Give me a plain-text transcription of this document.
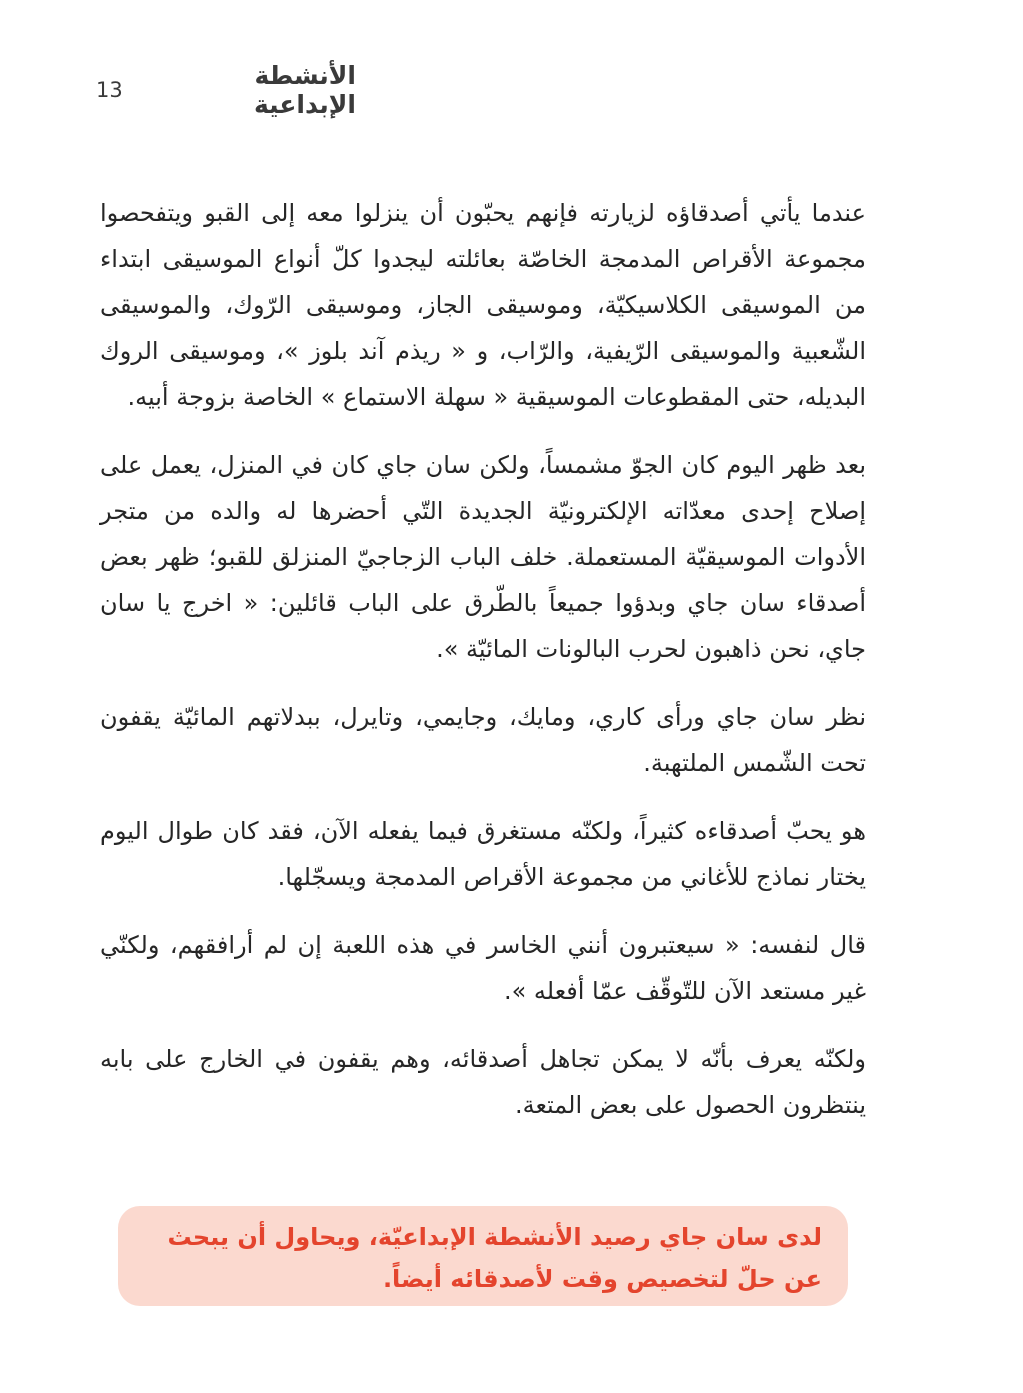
13	الأنشطة الإبداعية

عندما يأتي أصدقاؤه لزيارته فإنهم يحبّون أن ينزلوا معه إلى القبو ويتفحصوا مجموعة الأقراص المدمجة الخاصّة بعائلته ليجدوا كلّ أنواع الموسيقى ابتداء من الموسيقى الكلاسيكيّة، وموسيقى الجاز، وموسيقى الرّوك، والموسيقى الشّعبية والموسيقى الرّيفية، والرّاب، و « ريذم آند بلوز »، وموسيقى الروك البديله، حتى المقطوعات الموسيقية « سهلة الاستماع » الخاصة بزوجة أبيه.

بعد ظهر اليوم كان الجوّ مشمساً، ولكن سان جاي كان في المنزل، يعمل على إصلاح إحدى معدّاته الإلكترونيّة الجديدة التّي أحضرها له والده من متجر الأدوات الموسيقيّة المستعملة. خلف الباب الزجاجيّ المنزلق للقبو؛ ظهر بعض أصدقاء سان جاي وبدؤوا جميعاً بالطّرق على الباب قائلين: « اخرج يا سان جاي، نحن ذاهبون لحرب البالونات المائيّة ».

نظر سان جاي ورأى كاري، ومايك، وجايمي، وتايرل، ببدلاتهم المائيّة يقفون تحت الشّمس الملتهبة.

هو يحبّ أصدقاءه كثيراً، ولكنّه مستغرق فيما يفعله الآن، فقد كان طوال اليوم يختار نماذج للأغاني من مجموعة الأقراص المدمجة ويسجّلها.

قال لنفسه: « سيعتبرون أنني الخاسر في هذه اللعبة إن لم أرافقهم، ولكنّي غير مستعد الآن للتّوقّف عمّا أفعله ».

ولكنّه يعرف بأنّه لا يمكن تجاهل أصدقائه، وهم يقفون في الخارج على بابه ينتظرون الحصول على بعض المتعة.

لدى سان جاي رصيد الأنشطة الإبداعيّة، ويحاول أن يبحث عن حلّ لتخصيص وقت لأصدقائه أيضاً.
